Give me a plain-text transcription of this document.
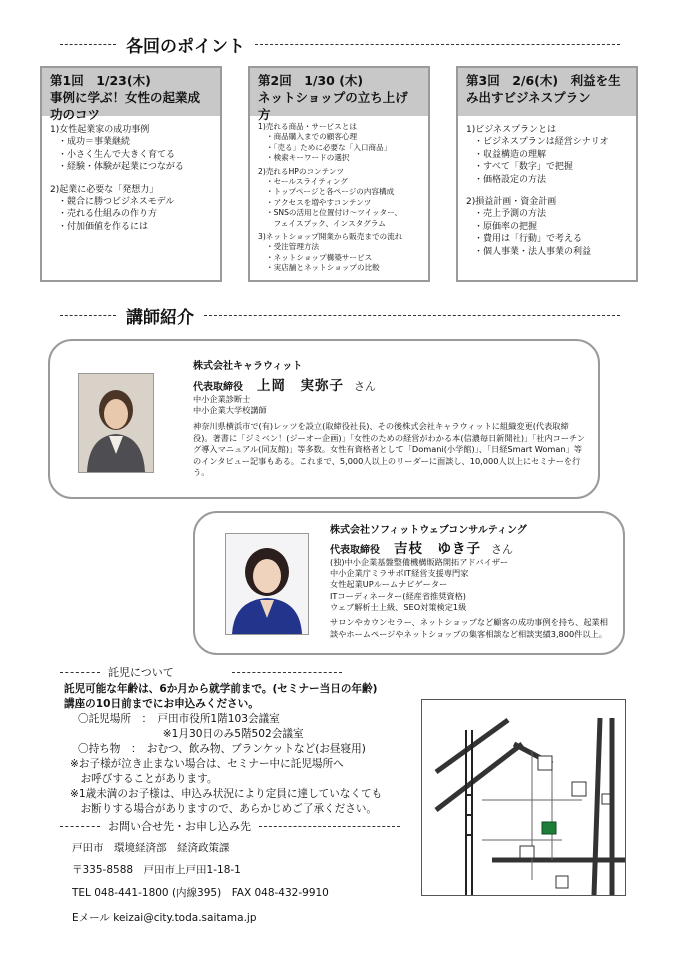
各回のポイント
第1回　1/23(木)
事例に学ぶ！女性の起業成功のコツ
1)女性起業家の成功事例
・成功＝事業継続
・小さく生んで大きく育てる
・経験・体験が起業につながる
2)起業に必要な「発想力」
・競合に勝つビジネスモデル
・売れる仕組みの作り方
・付加価値を作るには
第2回　1/30 (木)
ネットショップの立ち上げ方
1)売れる商品・サービスとは
・商品購入までの顧客心理
・「売る」ために必要な「入口商品」
・検索キーワードの選択
2)売れるHPのコンテンツ
・セールスライティング
・トップページと各ページの内容構成
・アクセスを増やすコンテンツ
・SNSの活用と位置付け～ツイッター、
　フェイスブック、インスタグラム
3)ネットショップ開業から販売までの流れ
・受注管理方法
・ネットショップ構築サービス
・実店舗とネットショップの比較
第3回　2/6(木)　利益を生み出すビジネスプラン
1)ビジネスプランとは
・ビジネスプランは経営シナリオ
・収益構造の理解
・すべて「数字」で把握
・価格設定の方法
2)損益計画・資金計画
・売上予測の方法
・原価率の把握
・費用は「行動」で考える
・個人事業・法人事業の利益
講師紹介
株式会社キャラウィット
代表取締役 上岡　実弥子 さん
中小企業診断士
中小企業大学校講師
神奈川県横浜市で(有)レッツを設立(取締役社長)、その後株式会社キャラウィットに組織変更(代表取締役)。著書に「ジミベン！(ジーオー企画)」「女性のための経営がわかる本(信濃毎日新聞社)」「社内コーチング導入マニュアル(同友館)」等多数。女性有資格者として「Domani(小学館)」、「日経Smart Woman」等のインタビュー記事もある。これまで、5,000人以上のリーダーに面談し、10,000人以上にセミナーを行う。
株式会社ソフィットウェブコンサルティング
代表取締役 吉枝　ゆき子 さん
(独)中小企業基盤整備機構販路開拓アドバイザー
中小企業庁ミラサポIT経営支援専門家
女性起業UPルームナビゲーター
ITコーディネーター(経産省推奨資格)
ウェブ解析士上級、SEO対策検定1級
サロンやカウンセラー、ネットショップなど顧客の成功事例を持ち、起業相談やホームページやネットショップの集客相談など相談実績3,800件以上。
託児について
託児可能な年齢は、6か月から就学前まで。(セミナー当日の年齢)
講座の10日前までにお申込みください。
〇託児場所　：　戸田市役所1階103会議室
　　　　　　　　※1月30日のみ5階502会議室
〇持ち物　：　おむつ、飲み物、ブランケットなど(お昼寝用)
※お子様が泣き止まない場合は、セミナー中に託児場所へ
　お呼びすることがあります。
※1歳未満のお子様は、申込み状況により定員に達していなくても
　お断りする場合がありますので、あらかじめご了承ください。
お問い合せ先・お申し込み先
戸田市　環境経済部　経済政策課
〒335-8588　戸田市上戸田1-18-1
TEL 048-441-1800 (内線395)　FAX 048-432-9910
Eメール keizai@city.toda.saitama.jp
